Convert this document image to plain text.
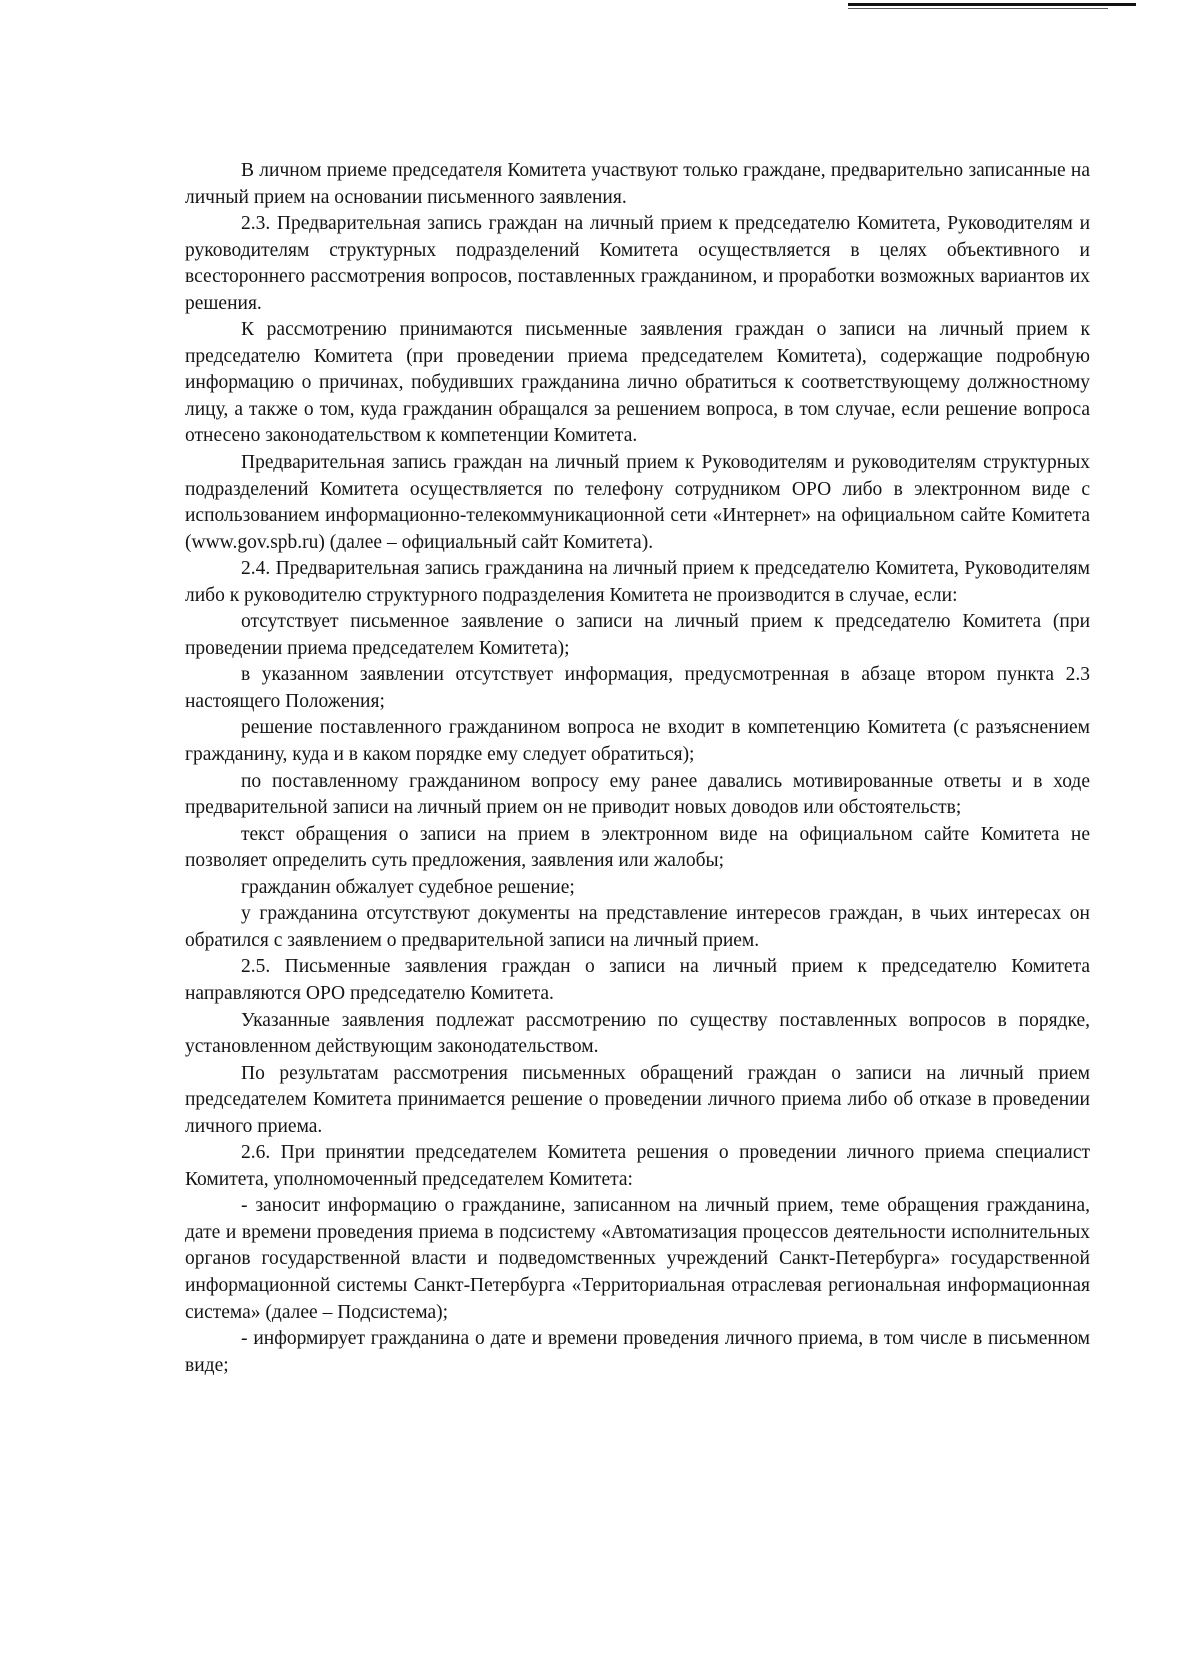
В личном приеме председателя Комитета участвуют только граждане, предварительно записанные на личный прием на основании письменного заявления.

2.3. Предварительная запись граждан на личный прием к председателю Комитета, Руководителям и руководителям структурных подразделений Комитета осуществляется в целях объективного и всестороннего рассмотрения вопросов, поставленных гражданином, и проработки возможных вариантов их решения.

К рассмотрению принимаются письменные заявления граждан о записи на личный прием к председателю Комитета (при проведении приема председателем Комитета), содержащие подробную информацию о причинах, побудивших гражданина лично обратиться к соответствующему должностному лицу, а также о том, куда гражданин обращался за решением вопроса, в том случае, если решение вопроса отнесено законодательством к компетенции Комитета.

Предварительная запись граждан на личный прием к Руководителям и руководителям структурных подразделений Комитета осуществляется по телефону сотрудником ОРО либо в электронном виде с использованием информационно-телекоммуникационной сети «Интернет» на официальном сайте Комитета (www.gov.spb.ru) (далее – официальный сайт Комитета).

2.4. Предварительная запись гражданина на личный прием к председателю Комитета, Руководителям либо к руководителю структурного подразделения Комитета не производится в случае, если:

отсутствует письменное заявление о записи на личный прием к председателю Комитета (при проведении приема председателем Комитета);

в указанном заявлении отсутствует информация, предусмотренная в абзаце втором пункта 2.3 настоящего Положения;

решение поставленного гражданином вопроса не входит в компетенцию Комитета (с разъяснением гражданину, куда и в каком порядке ему следует обратиться);

по поставленному гражданином вопросу ему ранее давались мотивированные ответы и в ходе предварительной записи на личный прием он не приводит новых доводов или обстоятельств;

текст обращения о записи на прием в электронном виде на официальном сайте Комитета не позволяет определить суть предложения, заявления или жалобы;

гражданин обжалует судебное решение;

у гражданина отсутствуют документы на представление интересов граждан, в чьих интересах он обратился с заявлением о предварительной записи на личный прием.

2.5. Письменные заявления граждан о записи на личный прием к председателю Комитета направляются ОРО председателю Комитета.

Указанные заявления подлежат рассмотрению по существу поставленных вопросов в порядке, установленном действующим законодательством.

По результатам рассмотрения письменных обращений граждан о записи на личный прием председателем Комитета принимается решение о проведении личного приема либо об отказе в проведении личного приема.

2.6. При принятии председателем Комитета решения о проведении личного приема специалист Комитета, уполномоченный председателем Комитета:

- заносит информацию о гражданине, записанном на личный прием, теме обращения гражданина, дате и времени проведения приема в подсистему «Автоматизация процессов деятельности исполнительных органов государственной власти и подведомственных учреждений Санкт-Петербурга» государственной информационной системы Санкт-Петербурга «Территориальная отраслевая региональная информационная система» (далее – Подсистема);

- информирует гражданина о дате и времени проведения личного приема, в том числе в письменном виде;
